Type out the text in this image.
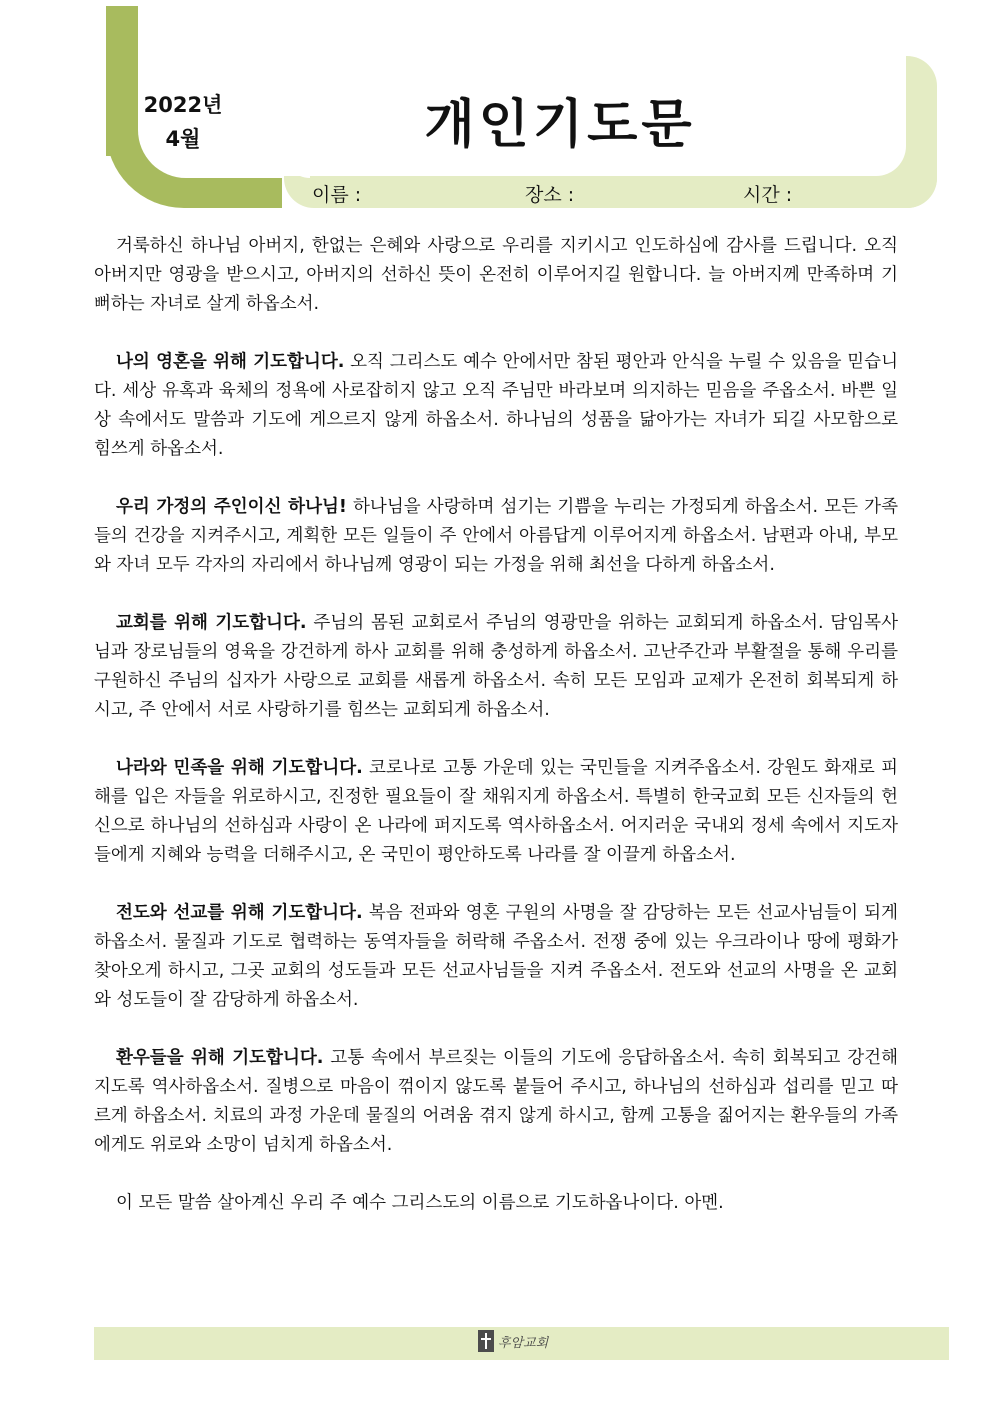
2022년
4월	개인기도문
이름 :	장소 :	시간 :

거룩하신 하나님 아버지, 한없는 은혜와 사랑으로 우리를 지키시고 인도하심에 감사를 드립니다. 오직 아버지만 영광을 받으시고, 아버지의 선하신 뜻이 온전히 이루어지길 원합니다. 늘 아버지께 만족하며 기뻐하는 자녀로 살게 하옵소서.

나의 영혼을 위해 기도합니다. 오직 그리스도 예수 안에서만 참된 평안과 안식을 누릴 수 있음을 믿습니다. 세상 유혹과 육체의 정욕에 사로잡히지 않고 오직 주님만 바라보며 의지하는 믿음을 주옵소서. 바쁜 일상 속에서도 말씀과 기도에 게으르지 않게 하옵소서. 하나님의 성품을 닮아가는 자녀가 되길 사모함으로 힘쓰게 하옵소서.

우리 가정의 주인이신 하나님! 하나님을 사랑하며 섬기는 기쁨을 누리는 가정되게 하옵소서. 모든 가족들의 건강을 지켜주시고, 계획한 모든 일들이 주 안에서 아름답게 이루어지게 하옵소서. 남편과 아내, 부모와 자녀 모두 각자의 자리에서 하나님께 영광이 되는 가정을 위해 최선을 다하게 하옵소서.

교회를 위해 기도합니다. 주님의 몸된 교회로서 주님의 영광만을 위하는 교회되게 하옵소서. 담임목사님과 장로님들의 영육을 강건하게 하사 교회를 위해 충성하게 하옵소서. 고난주간과 부활절을 통해 우리를 구원하신 주님의 십자가 사랑으로 교회를 새롭게 하옵소서. 속히 모든 모임과 교제가 온전히 회복되게 하시고, 주 안에서 서로 사랑하기를 힘쓰는 교회되게 하옵소서.

나라와 민족을 위해 기도합니다. 코로나로 고통 가운데 있는 국민들을 지켜주옵소서. 강원도 화재로 피해를 입은 자들을 위로하시고, 진정한 필요들이 잘 채워지게 하옵소서. 특별히 한국교회 모든 신자들의 헌신으로 하나님의 선하심과 사랑이 온 나라에 퍼지도록 역사하옵소서. 어지러운 국내외 정세 속에서 지도자들에게 지혜와 능력을 더해주시고, 온 국민이 평안하도록 나라를 잘 이끌게 하옵소서.

전도와 선교를 위해 기도합니다. 복음 전파와 영혼 구원의 사명을 잘 감당하는 모든 선교사님들이 되게 하옵소서. 물질과 기도로 협력하는 동역자들을 허락해 주옵소서. 전쟁 중에 있는 우크라이나 땅에 평화가 찾아오게 하시고, 그곳 교회의 성도들과 모든 선교사님들을 지켜 주옵소서. 전도와 선교의 사명을 온 교회와 성도들이 잘 감당하게 하옵소서.

환우들을 위해 기도합니다. 고통 속에서 부르짖는 이들의 기도에 응답하옵소서. 속히 회복되고 강건해지도록 역사하옵소서. 질병으로 마음이 꺾이지 않도록 붙들어 주시고, 하나님의 선하심과 섭리를 믿고 따르게 하옵소서. 치료의 과정 가운데 물질의 어려움 겪지 않게 하시고, 함께 고통을 짊어지는 환우들의 가족에게도 위로와 소망이 넘치게 하옵소서.

이 모든 말씀 살아계신 우리 주 예수 그리스도의 이름으로 기도하옵나이다. 아멘.

후암교회
